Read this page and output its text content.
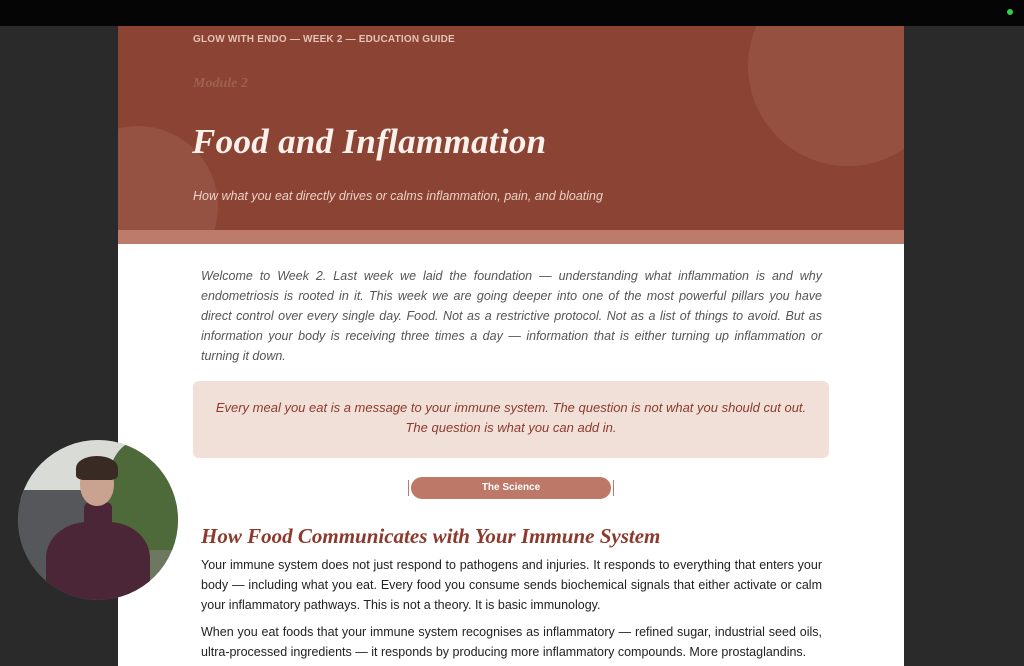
GLOW WITH ENDO — WEEK 2 — EDUCATION GUIDE
Module 2
Food and Inflammation
How what you eat directly drives or calms inflammation, pain, and bloating
Welcome to Week 2. Last week we laid the foundation — understanding what inflammation is and why endometriosis is rooted in it. This week we are going deeper into one of the most powerful pillars you have direct control over every single day. Food. Not as a restrictive protocol. Not as a list of things to avoid. But as information your body is receiving three times a day — information that is either turning up inflammation or turning it down.
Every meal you eat is a message to your immune system. The question is not what you should cut out.
The question is what you can add in.
The Science
How Food Communicates with Your Immune System
Your immune system does not just respond to pathogens and injuries. It responds to everything that enters your body — including what you eat. Every food you consume sends biochemical signals that either activate or calm your inflammatory pathways. This is not a theory. It is basic immunology.
When you eat foods that your immune system recognises as inflammatory — refined sugar, industrial seed oils, ultra-processed ingredients — it responds by producing more inflammatory compounds. More prostaglandins.
